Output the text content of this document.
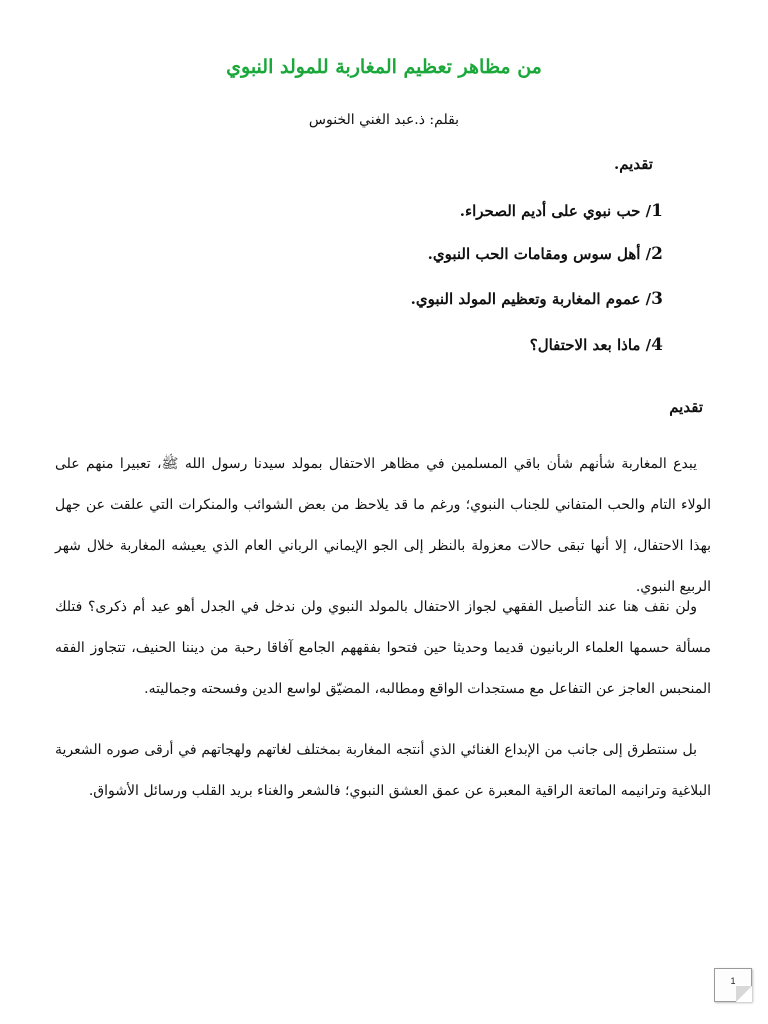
من مظاهر تعظيم المغاربة للمولد النبوي
بقلم: ذ.عبد الغني الخنوس
تقديم.
1/ حب نبوي على أديم الصحراء.
2/ أهل سوس ومقامات الحب النبوي.
3/ عموم المغاربة وتعظيم المولد النبوي.
4/ ماذا بعد الاحتفال؟
تقديم

يبدع المغاربة شأنهم شأن باقي المسلمين في مظاهر الاحتفال بمولد سيدنا رسول الله ﷺ، تعبيرا منهم على الولاء التام والحب المتفاني للجناب النبوي؛ ورغم ما قد يلاحظ من بعض الشوائب والمنكرات التي علقت عن جهل بهذا الاحتفال، إلا أنها تبقى حالات معزولة بالنظر إلى الجو الإيماني الرباني العام الذي يعيشه المغاربة خلال شهر الربيع النبوي.

ولن نقف هنا عند التأصيل الفقهي لجواز الاحتفال بالمولد النبوي ولن ندخل في الجدل أهو عيد أم ذكرى؟ فتلك مسألة حسمها العلماء الربانيون قديما وحديثا حين فتحوا بفقههم الجامع آفاقا رحبة من ديننا الحنيف، تتجاوز الفقه المنحبس العاجز عن التفاعل مع مستجدات الواقع ومطالبه، المضيّق لواسع الدين وفسحته وجماليته.

بل سنتطرق إلى جانب من الإبداع الغنائي الذي أنتجه المغاربة بمختلف لغاتهم ولهجاتهم في أرقى صوره الشعرية البلاغية وترانيمه الماتعة الراقية المعبرة عن عمق العشق النبوي؛ فالشعر والغناء بريد القلب ورسائل الأشواق.

1
